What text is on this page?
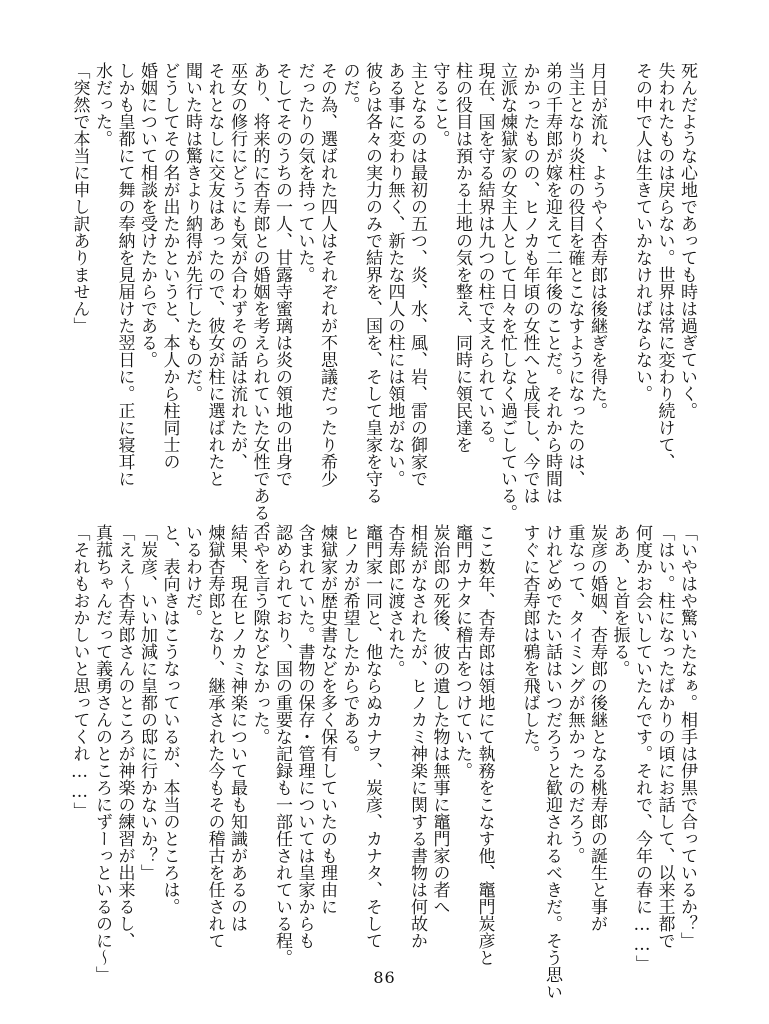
死んだような心地であっても時は過ぎていく。
失われたものは戻らない。世界は常に変わり続けて、
その中で人は生きていかなければならない。

月日が流れ、ようやく杏寿郎は後継ぎを得た。
当主となり炎柱の役目を確とこなすようになったのは、
弟の千寿郎が嫁を迎えて二年後のことだ。それから時間は
かかったものの、ヒノカも年頃の女性へと成長し、今では
立派な煉獄家の女主人として日々を忙しなく過ごしている。
現在、国を守る結界は九つの柱で支えられている。
柱の役目は預かる土地の気を整え、同時に領民達を
守ること。
主となるのは最初の五つ、炎、水、風、岩、雷の御家で
ある事に変わり無く、新たな四人の柱には領地がない。
彼らは各々の実力のみで結界を、国を、そして皇家を守る
のだ。
その為、選ばれた四人はそれぞれが不思議だったり希少
だったりの気を持っていた。
そしてそのうちの一人、甘露寺蜜璃は炎の領地の出身で
あり、将来的に杏寿郎との婚姻を考えられていた女性である。
巫女の修行にどうにも気が合わずその話は流れたが、
それとなしに交友はあったので、彼女が柱に選ばれたと
聞いた時は驚きより納得が先行したものだ。
どうしてその名が出たかというと、本人から柱同士の
婚姻について相談を受けたからである。
しかも皇都にて舞の奉納を見届けた翌日に。正に寝耳に
水だった。
「突然で本当に申し訳ありません」
「いやはや驚いたなぁ。相手は伊黒で合っているか？」
「はい。柱になったばかりの頃にお話して、以来王都で
何度かお会いしていたんです。それで、今年の春に……」
ああ、と首を振る。
炭彦の婚姻、杏寿郎の後継となる桃寿郎の誕生と事が
重なって、タイミングが無かったのだろう。
けれどめでたい話はいつだろうと歓迎されるべきだ。そう思い
すぐに杏寿郎は鴉を飛ばした。

ここ数年、杏寿郎は領地にて執務をこなす他、竈門炭彦と
竈門カナタに稽古をつけていた。
炭治郎の死後、彼の遺した物は無事に竈門家の者へ
相続がなされたが、ヒノカミ神楽に関する書物は何故か
杏寿郎に渡された。
竈門家一同と、他ならぬカナヲ、炭彦、カナタ、そして
ヒノカが希望したからである。
煉獄家が歴史書などを多く保有していたのも理由に
含まれていた。書物の保存・管理については皇家からも
認められており、国の重要な記録も一部任されている程。
否やを言う隙などなかった。
結果、現在ヒノカミ神楽について最も知識があるのは
煉獄杏寿郎となり、継承された今もその稽古を任されて
いるわけだ。
と、表向きはこうなっているが、本当のところは。
「炭彦、いい加減に皇都の邸に行かないか？」
「ええ～杏寿郎さんのところが神楽の練習が出来るし、
真菰ちゃんだって義勇さんのところにずーっといるのに～」
「それもおかしいと思ってくれ……」
86
